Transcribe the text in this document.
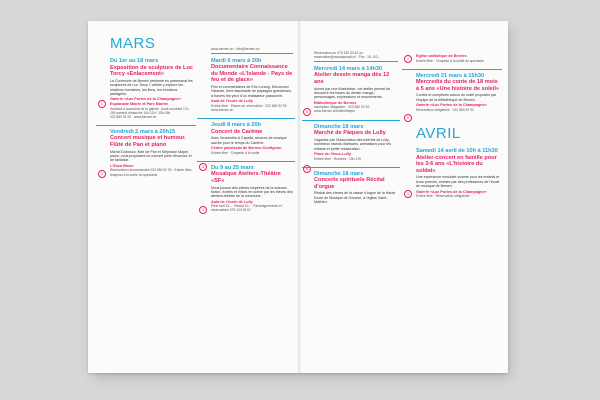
MARS
Du 1er au 18 mars
Exposition de sculpture de Luc Torcy «Enlacement»
La Commune de Bernex présente en partenariat les sculptures de Luc Torcy. L'artiste y explore les relations humaines, les liens, les émotions partagées.
1
Galerie «Aux Portes de la Champagne» Esplanade Mairie et Parc Marine
Horaires d'ouverture de la galerie : jeudi-vendredi 17h-20h samedi-dimanche 10h-12h / 15h-18h
022 850 92 92 · www.bernex.ch
Vendredi 2 mars à 20h15
Concert musique et humour. Flûte de Pan et piano
Michel Dubosco, flûte de Pan et Stéphane Mayer, piano, vous proposent un concert plein d'humour et de fantaisie.
2
L'Esca Bleue
Réservation recommandée 022 850 92 92 · Entrée libre, chapeau à la sortie du spectacle
www.bernex.ch · info@bernex.ch
Mardi 6 mars à 20h
Documentaire Connaissance du Monde «L'Islande - Pays de feu et de glace»
Film et commentaires de Eric Lorang. Découvrez l'Islande, terre fascinante de paysages grandioses, à travers les yeux d'un réalisateur passionné.
Aula de l'école de Lully
Entrée libre · Places en réservation · 022 850 92 92 · www.bernex.ch
Jeudi 8 mars à 20h
Concert de Carême
Avec l'ensemble A Capella, œuvres de musique sacrée pour le temps du Carême.
3
Centre paroissial de Bernex-Confignon
Entrée libre · Chapeau à la sortie
Du 9 au 25 mars
Mosaïque Ateliers-Théâtre «SF»
Nous jouons des pièces inspirées de la science-fiction, écrites et mises en scène par les élèves des ateliers-théâtre de la commune.
4
Aula de l'école de Lully
Plein tarif 15.- · Réduit 10.- · Renseignements et réservations 079 123 45 67
Réservation au 079 430 30 42 ou reservation@mosaiqueatl.ch · Prix : 15.-/10.-
Mercredi 14 mars à 14h30
Atelier dessin manga dès 12 ans
Animé par une illustratrice, cet atelier permet de découvrir les bases du dessin manga : personnages, expressions et mouvements.
5
Bibliothèque de Bernex
Inscription obligatoire · 022 850 92 92 · www.bernex.ch/bibliotheque
Dimanche 18 mars
Marché de Pâques de Lully
Organisé par l'Association des Intérêts de Lully, nombreux stands d'artisans, animations pour les enfants et petite restauration.
6
Place du Vieux-Lully
Entrée libre · Horaires : 10h-17h
Dimanche 18 mars
Concerts spirituels Récital d'orgue
Récital des élèves de la classe d'orgue de la Haute Ecole de Musique de Genève, à l'église Saint-Mathieu.
7
Eglise catholique de Bernex
Entrée libre · Chapeau à la sortie du spectacle
Mercredi 21 mars à 15h30
Mercredis du conte de 18 mois à 5 ans «Une histoire de soleil»
Contes et comptines autour du soleil proposés par l'équipe de la bibliothèque de Bernex.
8
Galerie «Aux Portes de la Champagne»
Réservation obligatoire · 022 850 92 92
AVRIL
Samedi 14 avril de 10h à 11h30
Atelier-concert en famille pour les 3-6 ans «L'histoire du soldat»
Une expérience musicale vivante pour les enfants et leurs parents, animée par des professeurs de l'école de musique de Bernex.
9
Galerie «Aux Portes de la Champagne»
Entrée libre · Réservation obligatoire
